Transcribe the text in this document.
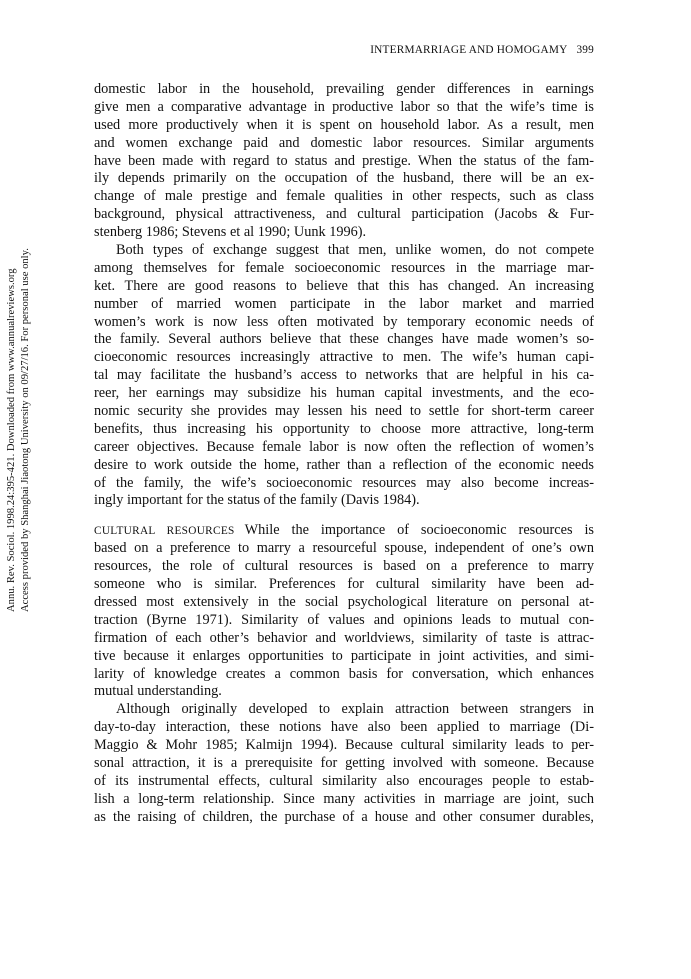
INTERMARRIAGE AND HOMOGAMY 399
Annu. Rev. Sociol. 1998.24:395-421. Downloaded from www.annualreviews.org Access provided by Shanghai Jiaotong University on 09/27/16. For personal use only.
domestic labor in the household, prevailing gender differences in earnings
give men a comparative advantage in productive labor so that the wife’s time is
used more productively when it is spent on household labor. As a result, men
and women exchange paid and domestic labor resources. Similar arguments
have been made with regard to status and prestige. When the status of the fam-
ily depends primarily on the occupation of the husband, there will be an ex-
change of male prestige and female qualities in other respects, such as class
background, physical attractiveness, and cultural participation (Jacobs & Fur-
stenberg 1986; Stevens et al 1990; Uunk 1996).
Both types of exchange suggest that men, unlike women, do not compete
among themselves for female socioeconomic resources in the marriage mar-
ket. There are good reasons to believe that this has changed. An increasing
number of married women participate in the labor market and married
women’s work is now less often motivated by temporary economic needs of
the family. Several authors believe that these changes have made women’s so-
cioeconomic resources increasingly attractive to men. The wife’s human capi-
tal may facilitate the husband’s access to networks that are helpful in his ca-
reer, her earnings may subsidize his human capital investments, and the eco-
nomic security she provides may lessen his need to settle for short-term career
benefits, thus increasing his opportunity to choose more attractive, long-term
career objectives. Because female labor is now often the reflection of women’s
desire to work outside the home, rather than a reflection of the economic needs
of the family, the wife’s socioeconomic resources may also become increas-
ingly important for the status of the family (Davis 1984).
CULTURAL RESOURCES While the importance of socioeconomic resources is
based on a preference to marry a resourceful spouse, independent of one’s own
resources, the role of cultural resources is based on a preference to marry
someone who is similar. Preferences for cultural similarity have been ad-
dressed most extensively in the social psychological literature on personal at-
traction (Byrne 1971). Similarity of values and opinions leads to mutual con-
firmation of each other’s behavior and worldviews, similarity of taste is attrac-
tive because it enlarges opportunities to participate in joint activities, and simi-
larity of knowledge creates a common basis for conversation, which enhances
mutual understanding.
Although originally developed to explain attraction between strangers in
day-to-day interaction, these notions have also been applied to marriage (Di-
Maggio & Mohr 1985; Kalmijn 1994). Because cultural similarity leads to per-
sonal attraction, it is a prerequisite for getting involved with someone. Because
of its instrumental effects, cultural similarity also encourages people to estab-
lish a long-term relationship. Since many activities in marriage are joint, such
as the raising of children, the purchase of a house and other consumer durables,
